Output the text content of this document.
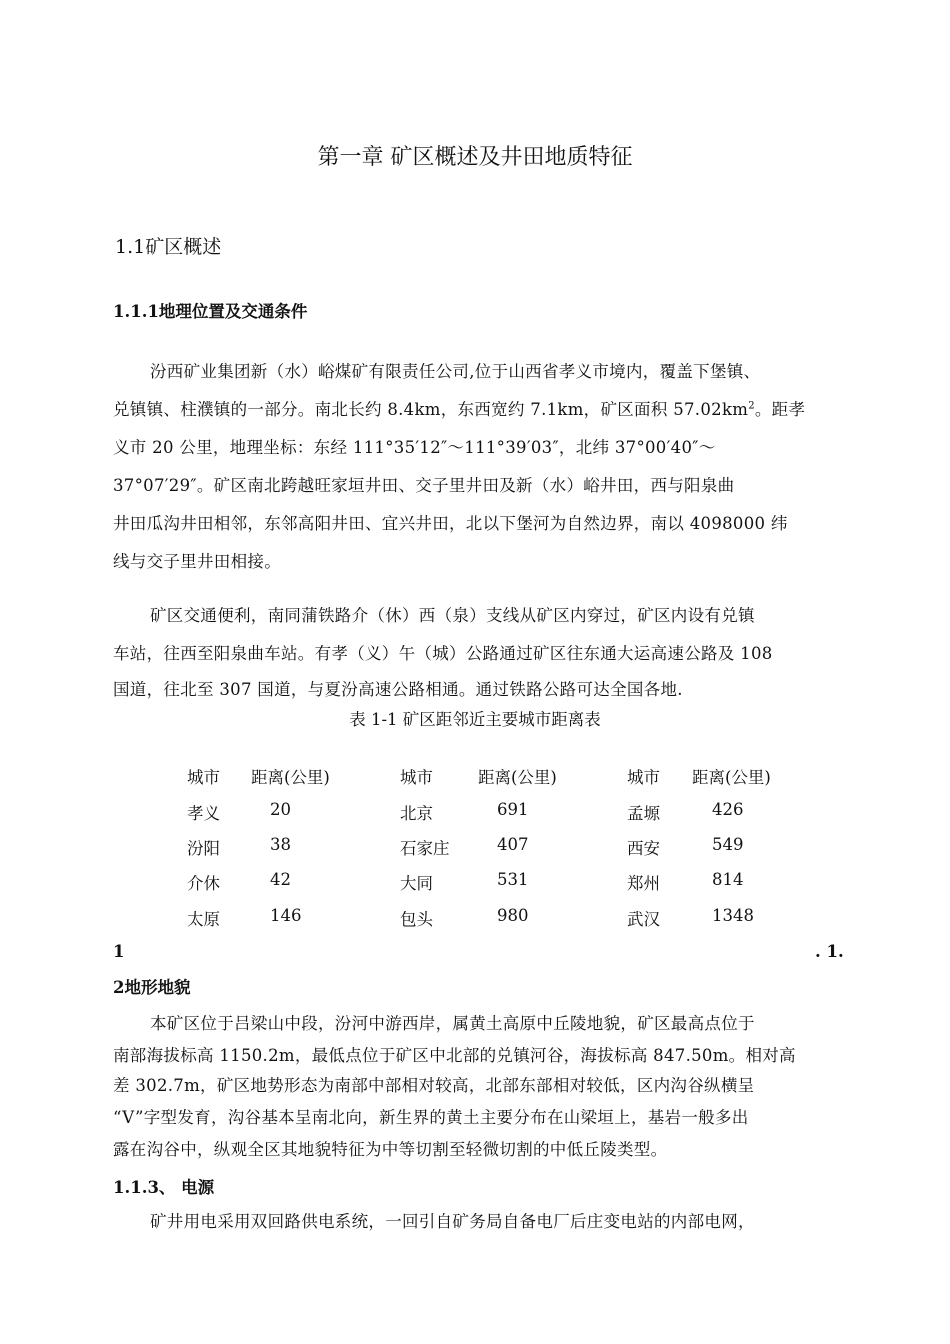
第一章 矿区概述及井田地质特征
1.1矿区概述
1.1.1地理位置及交通条件
汾西矿业集团新（水）峪煤矿有限责任公司,位于山西省孝义市境内，覆盖下堡镇、
兑镇镇、柱濮镇的一部分。南北长约 8.4km，东西宽约 7.1km，矿区面积 $57.02km^2$。距孝
义市 20 公里，地理坐标：东经 111°35′12″～111°39′03″，北纬 37°00′40″～
37°07′29″。矿区南北跨越旺家垣井田、交子里井田及新（水）峪井田，西与阳泉曲
井田瓜沟井田相邻，东邻高阳井田、宜兴井田，北以下堡河为自然边界，南以 4098000 纬
线与交子里井田相接。
矿区交通便利，南同蒲铁路介（休）西（泉）支线从矿区内穿过，矿区内设有兑镇
车站，往西至阳泉曲车站。有孝（义）午（城）公路通过矿区往东通大运高速公路及 108
国道，往北至 307 国道，与夏汾高速公路相通。通过铁路公路可达全国各地.
表 1-1 矿区距邻近主要城市距离表
城市 距离(公里)	城市	距离(公里)	城市 距离(公里)
孝义	20	北京	691	孟塬	426
汾阳	38	石家庄	407	西安	549
介休	42	大同	531	郑州	814
太原	146	包头	980	武汉	1348
1	. 1.
2地形地貌
本矿区位于吕梁山中段，汾河中游西岸，属黄土高原中丘陵地貌，矿区最高点位于
南部海拔标高 1150.2m，最低点位于矿区中北部的兑镇河谷，海拔标高 847.50m。相对高
差 302.7m，矿区地势形态为南部中部相对较高，北部东部相对较低，区内沟谷纵横呈
“V”字型发育，沟谷基本呈南北向，新生界的黄土主要分布在山梁垣上，基岩一般多出
露在沟谷中，纵观全区其地貌特征为中等切割至轻微切割的中低丘陵类型。
1.1.3、 电源
矿井用电采用双回路供电系统，一回引自矿务局自备电厂后庄变电站的内部电网，
